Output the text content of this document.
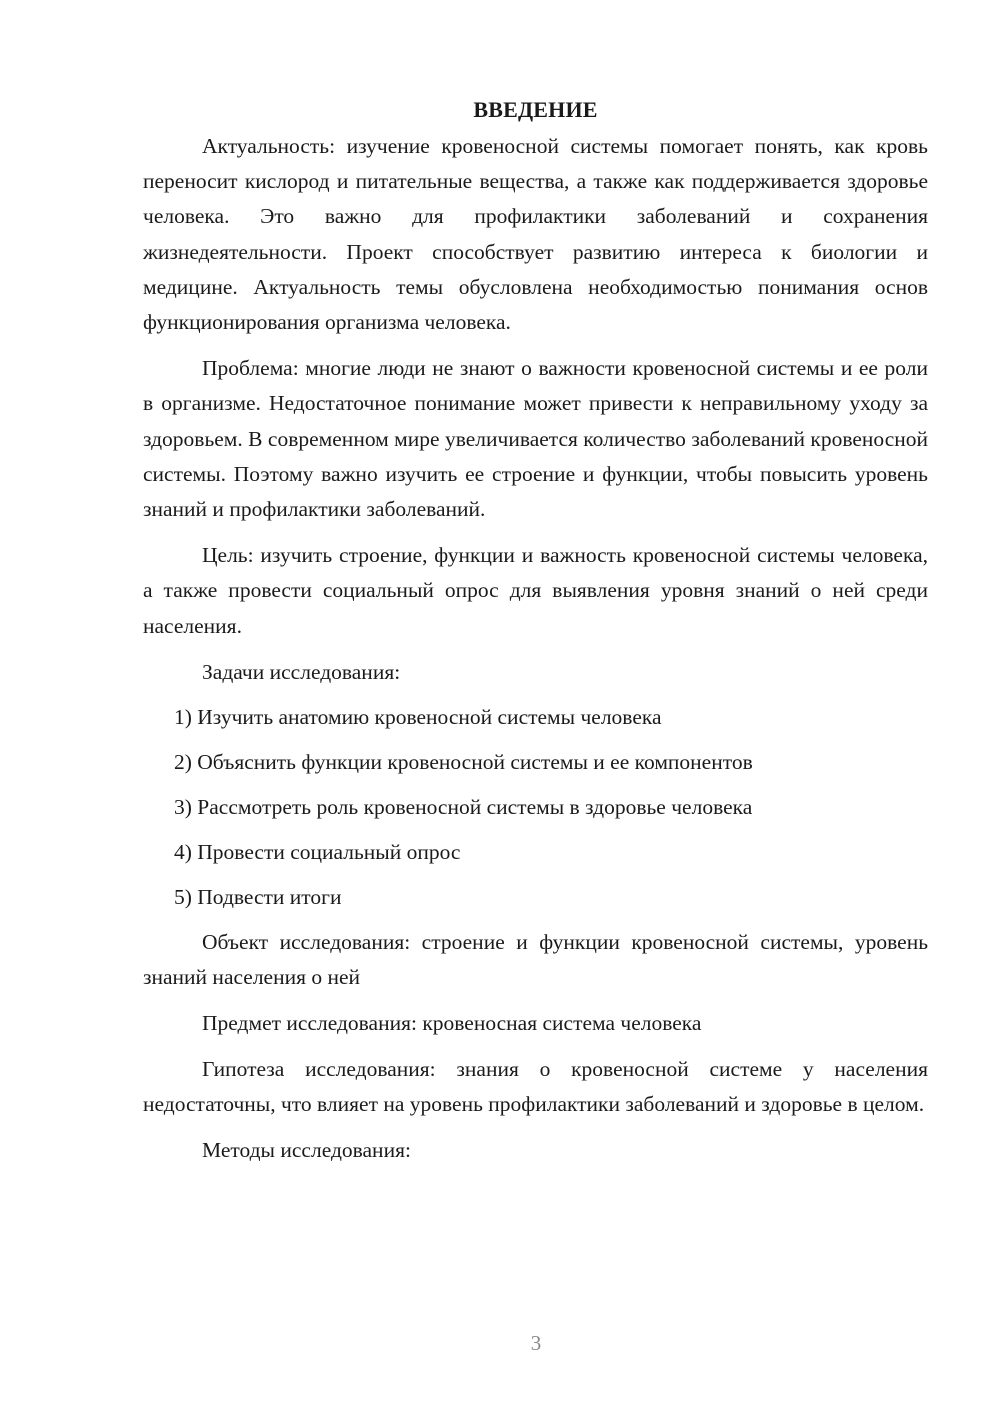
ВВЕДЕНИЕ

Актуальность: изучение кровеносной системы помогает понять, как кровь переносит кислород и питательные вещества, а также как поддерживается здоровье человека. Это важно для профилактики заболеваний и сохранения жизнедеятельности. Проект способствует развитию интереса к биологии и медицине. Актуальность темы обусловлена необходимостью понимания основ функционирования организма человека.

Проблема: многие люди не знают о важности кровеносной системы и ее роли в организме. Недостаточное понимание может привести к неправильному уходу за здоровьем. В современном мире увеличивается количество заболеваний кровеносной системы. Поэтому важно изучить ее строение и функции, чтобы повысить уровень знаний и профилактики заболеваний.

Цель: изучить строение, функции и важность кровеносной системы человека, а также провести социальный опрос для выявления уровня знаний о ней среди населения.

Задачи исследования:

1) Изучить анатомию кровеносной системы человека
2) Объяснить функции кровеносной системы и ее компонентов
3) Рассмотреть роль кровеносной системы в здоровье человека
4) Провести социальный опрос
5) Подвести итоги

Объект исследования: строение и функции кровеносной системы, уровень знаний населения о ней

Предмет исследования: кровеносная система человека

Гипотеза исследования: знания о кровеносной системе у населения недостаточны, что влияет на уровень профилактики заболеваний и здоровье в целом.

Методы исследования:

3
